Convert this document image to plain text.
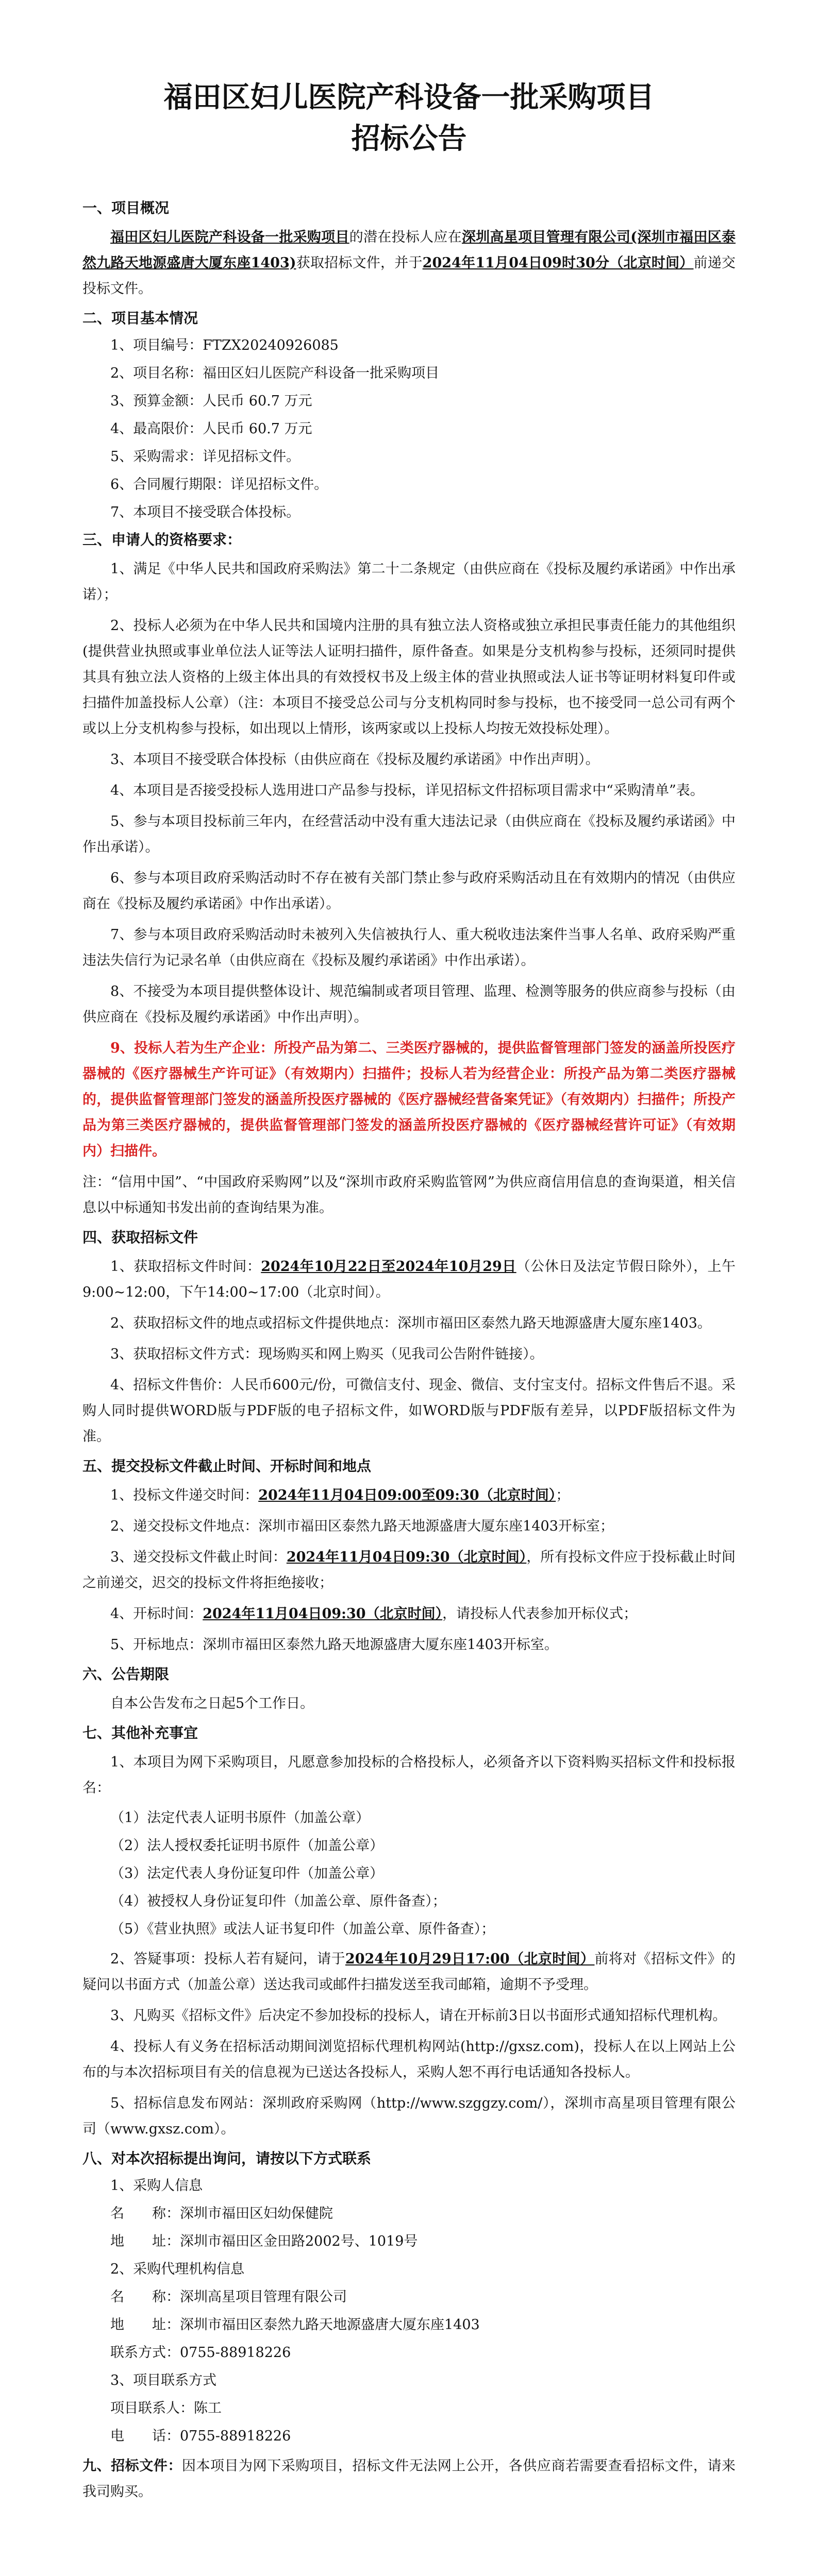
福田区妇儿医院产科设备一批采购项目
招标公告
一、项目概况
福田区妇儿医院产科设备一批采购项目的潜在投标人应在深圳高星项目管理有限公司(深圳市福田区泰然九路天地源盛唐大厦东座1403)获取招标文件，并于2024年11月04日09时30分（北京时间）前递交投标文件。
二、项目基本情况
1、项目编号：FTZX20240926085
2、项目名称：福田区妇儿医院产科设备一批采购项目
3、预算金额：人民币 60.7 万元
4、最高限价：人民币 60.7 万元
5、采购需求：详见招标文件。
6、合同履行期限：详见招标文件。
7、本项目不接受联合体投标。
三、申请人的资格要求：
1、满足《中华人民共和国政府采购法》第二十二条规定（由供应商在《投标及履约承诺函》中作出承诺）；
2、投标人必须为在中华人民共和国境内注册的具有独立法人资格或独立承担民事责任能力的其他组织(提供营业执照或事业单位法人证等法人证明扫描件，原件备查。如果是分支机构参与投标，还须同时提供其具有独立法人资格的上级主体出具的有效授权书及上级主体的营业执照或法人证书等证明材料复印件或扫描件加盖投标人公章）（注：本项目不接受总公司与分支机构同时参与投标，也不接受同一总公司有两个或以上分支机构参与投标，如出现以上情形，该两家或以上投标人均按无效投标处理）。
3、本项目不接受联合体投标（由供应商在《投标及履约承诺函》中作出声明）。
4、本项目是否接受投标人选用进口产品参与投标，详见招标文件招标项目需求中“采购清单”表。
5、参与本项目投标前三年内，在经营活动中没有重大违法记录（由供应商在《投标及履约承诺函》中作出承诺）。
6、参与本项目政府采购活动时不存在被有关部门禁止参与政府采购活动且在有效期内的情况（由供应商在《投标及履约承诺函》中作出承诺）。
7、参与本项目政府采购活动时未被列入失信被执行人、重大税收违法案件当事人名单、政府采购严重违法失信行为记录名单（由供应商在《投标及履约承诺函》中作出承诺）。
8、不接受为本项目提供整体设计、规范编制或者项目管理、监理、检测等服务的供应商参与投标（由供应商在《投标及履约承诺函》中作出声明）。
9、投标人若为生产企业：所投产品为第二、三类医疗器械的，提供监督管理部门签发的涵盖所投医疗器械的《医疗器械生产许可证》（有效期内）扫描件；投标人若为经营企业：所投产品为第二类医疗器械的，提供监督管理部门签发的涵盖所投医疗器械的《医疗器械经营备案凭证》（有效期内）扫描件；所投产品为第三类医疗器械的，提供监督管理部门签发的涵盖所投医疗器械的《医疗器械经营许可证》（有效期内）扫描件。
注：“信用中国”、“中国政府采购网”以及“深圳市政府采购监管网”为供应商信用信息的查询渠道，相关信息以中标通知书发出前的查询结果为准。
四、获取招标文件
1、获取招标文件时间：2024年10月22日至2024年10月29日（公休日及法定节假日除外），上午9:00~12:00，下午14:00~17:00（北京时间）。
2、获取招标文件的地点或招标文件提供地点：深圳市福田区泰然九路天地源盛唐大厦东座1403。
3、获取招标文件方式：现场购买和网上购买（见我司公告附件链接）。
4、招标文件售价：人民币600元/份，可微信支付、现金、微信、支付宝支付。招标文件售后不退。采购人同时提供WORD版与PDF版的电子招标文件，如WORD版与PDF版有差异，以PDF版招标文件为准。
五、提交投标文件截止时间、开标时间和地点
1、投标文件递交时间：2024年11月04日09:00至09:30（北京时间）；
2、递交投标文件地点：深圳市福田区泰然九路天地源盛唐大厦东座1403开标室；
3、递交投标文件截止时间：2024年11月04日09:30（北京时间），所有投标文件应于投标截止时间之前递交，迟交的投标文件将拒绝接收；
4、开标时间：2024年11月04日09:30（北京时间），请投标人代表参加开标仪式；
5、开标地点：深圳市福田区泰然九路天地源盛唐大厦东座1403开标室。
六、公告期限
自本公告发布之日起5个工作日。
七、其他补充事宜
1、本项目为网下采购项目，凡愿意参加投标的合格投标人，必须备齐以下资料购买招标文件和投标报名：
（1）法定代表人证明书原件（加盖公章）
（2）法人授权委托证明书原件（加盖公章）
（3）法定代表人身份证复印件（加盖公章）
（4）被授权人身份证复印件（加盖公章、原件备查）；
（5）《营业执照》或法人证书复印件（加盖公章、原件备查）；
2、答疑事项：投标人若有疑问，请于2024年10月29日17:00（北京时间）前将对《招标文件》的疑问以书面方式（加盖公章）送达我司或邮件扫描发送至我司邮箱，逾期不予受理。
3、凡购买《招标文件》后决定不参加投标的投标人，请在开标前3日以书面形式通知招标代理机构。
4、投标人有义务在招标活动期间浏览招标代理机构网站(http://gxsz.com)，投标人在以上网站上公布的与本次招标项目有关的信息视为已送达各投标人，采购人恕不再行电话通知各投标人。
5、招标信息发布网站：深圳政府采购网（http://www.szggzy.com/），深圳市高星项目管理有限公司（www.gxsz.com）。
八、对本次招标提出询问，请按以下方式联系
1、采购人信息
名　　称：深圳市福田区妇幼保健院
地　　址：深圳市福田区金田路2002号、1019号
2、采购代理机构信息
名　　称：深圳高星项目管理有限公司
地　　址：深圳市福田区泰然九路天地源盛唐大厦东座1403
联系方式：0755-88918226
3、项目联系方式
项目联系人：陈工
电　　话：0755-88918226
九、招标文件：因本项目为网下采购项目，招标文件无法网上公开，各供应商若需要查看招标文件，请来我司购买。
